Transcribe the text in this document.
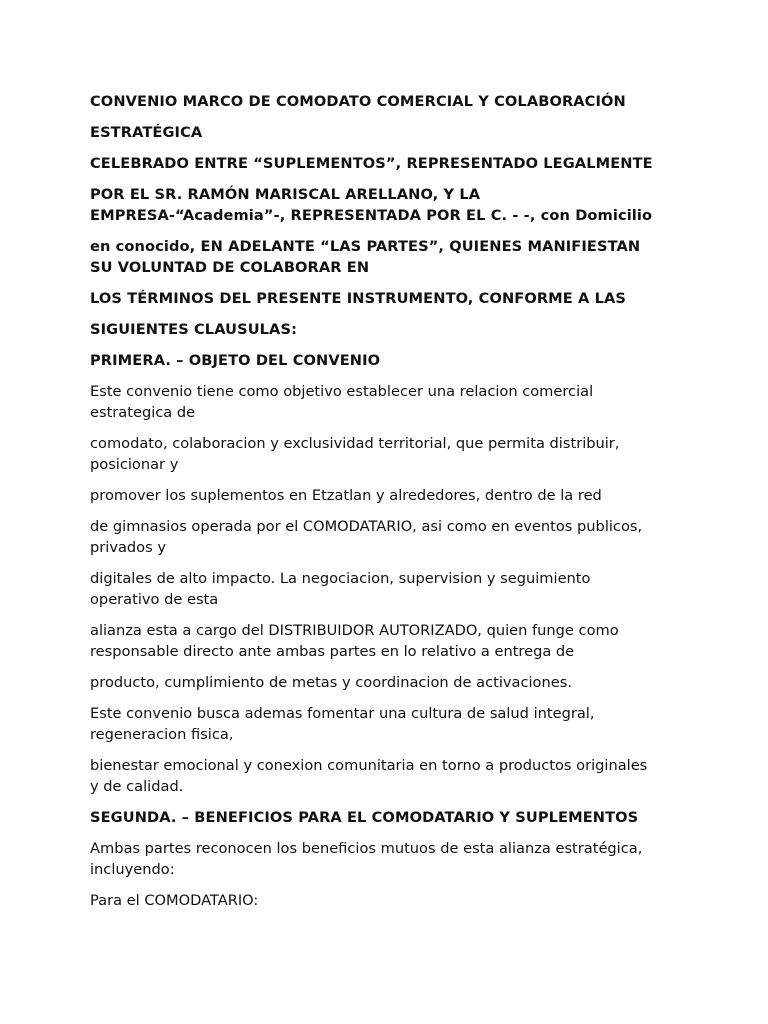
CONVENIO MARCO DE COMODATO COMERCIAL Y COLABORACIÓN

ESTRATÉGICA

CELEBRADO ENTRE “SUPLEMENTOS”, REPRESENTADO LEGALMENTE

POR EL SR. RAMÓN MARISCAL ARELLANO, Y LA
EMPRESA-“Academia”-, REPRESENTADA POR EL C. - -, con Domicilio

en conocido, EN ADELANTE “LAS PARTES”, QUIENES MANIFIESTAN
SU VOLUNTAD DE COLABORAR EN

LOS TÉRMINOS DEL PRESENTE INSTRUMENTO, CONFORME A LAS

SIGUIENTES CLAUSULAS:

PRIMERA. – OBJETO DEL CONVENIO

Este convenio tiene como objetivo establecer una relacion comercial
estrategica de

comodato, colaboracion y exclusividad territorial, que permita distribuir,
posicionar y

promover los suplementos en Etzatlan y alrededores, dentro de la red

de gimnasios operada por el COMODATARIO, asi como en eventos publicos,
privados y

digitales de alto impacto. La negociacion, supervision y seguimiento
operativo de esta

alianza esta a cargo del DISTRIBUIDOR AUTORIZADO, quien funge como
responsable directo ante ambas partes en lo relativo a entrega de

producto, cumplimiento de metas y coordinacion de activaciones.

Este convenio busca ademas fomentar una cultura de salud integral,
regeneracion fisica,

bienestar emocional y conexion comunitaria en torno a productos originales
y de calidad.

SEGUNDA. – BENEFICIOS PARA EL COMODATARIO Y SUPLEMENTOS

Ambas partes reconocen los beneficios mutuos de esta alianza estratégica,
incluyendo:

Para el COMODATARIO:
